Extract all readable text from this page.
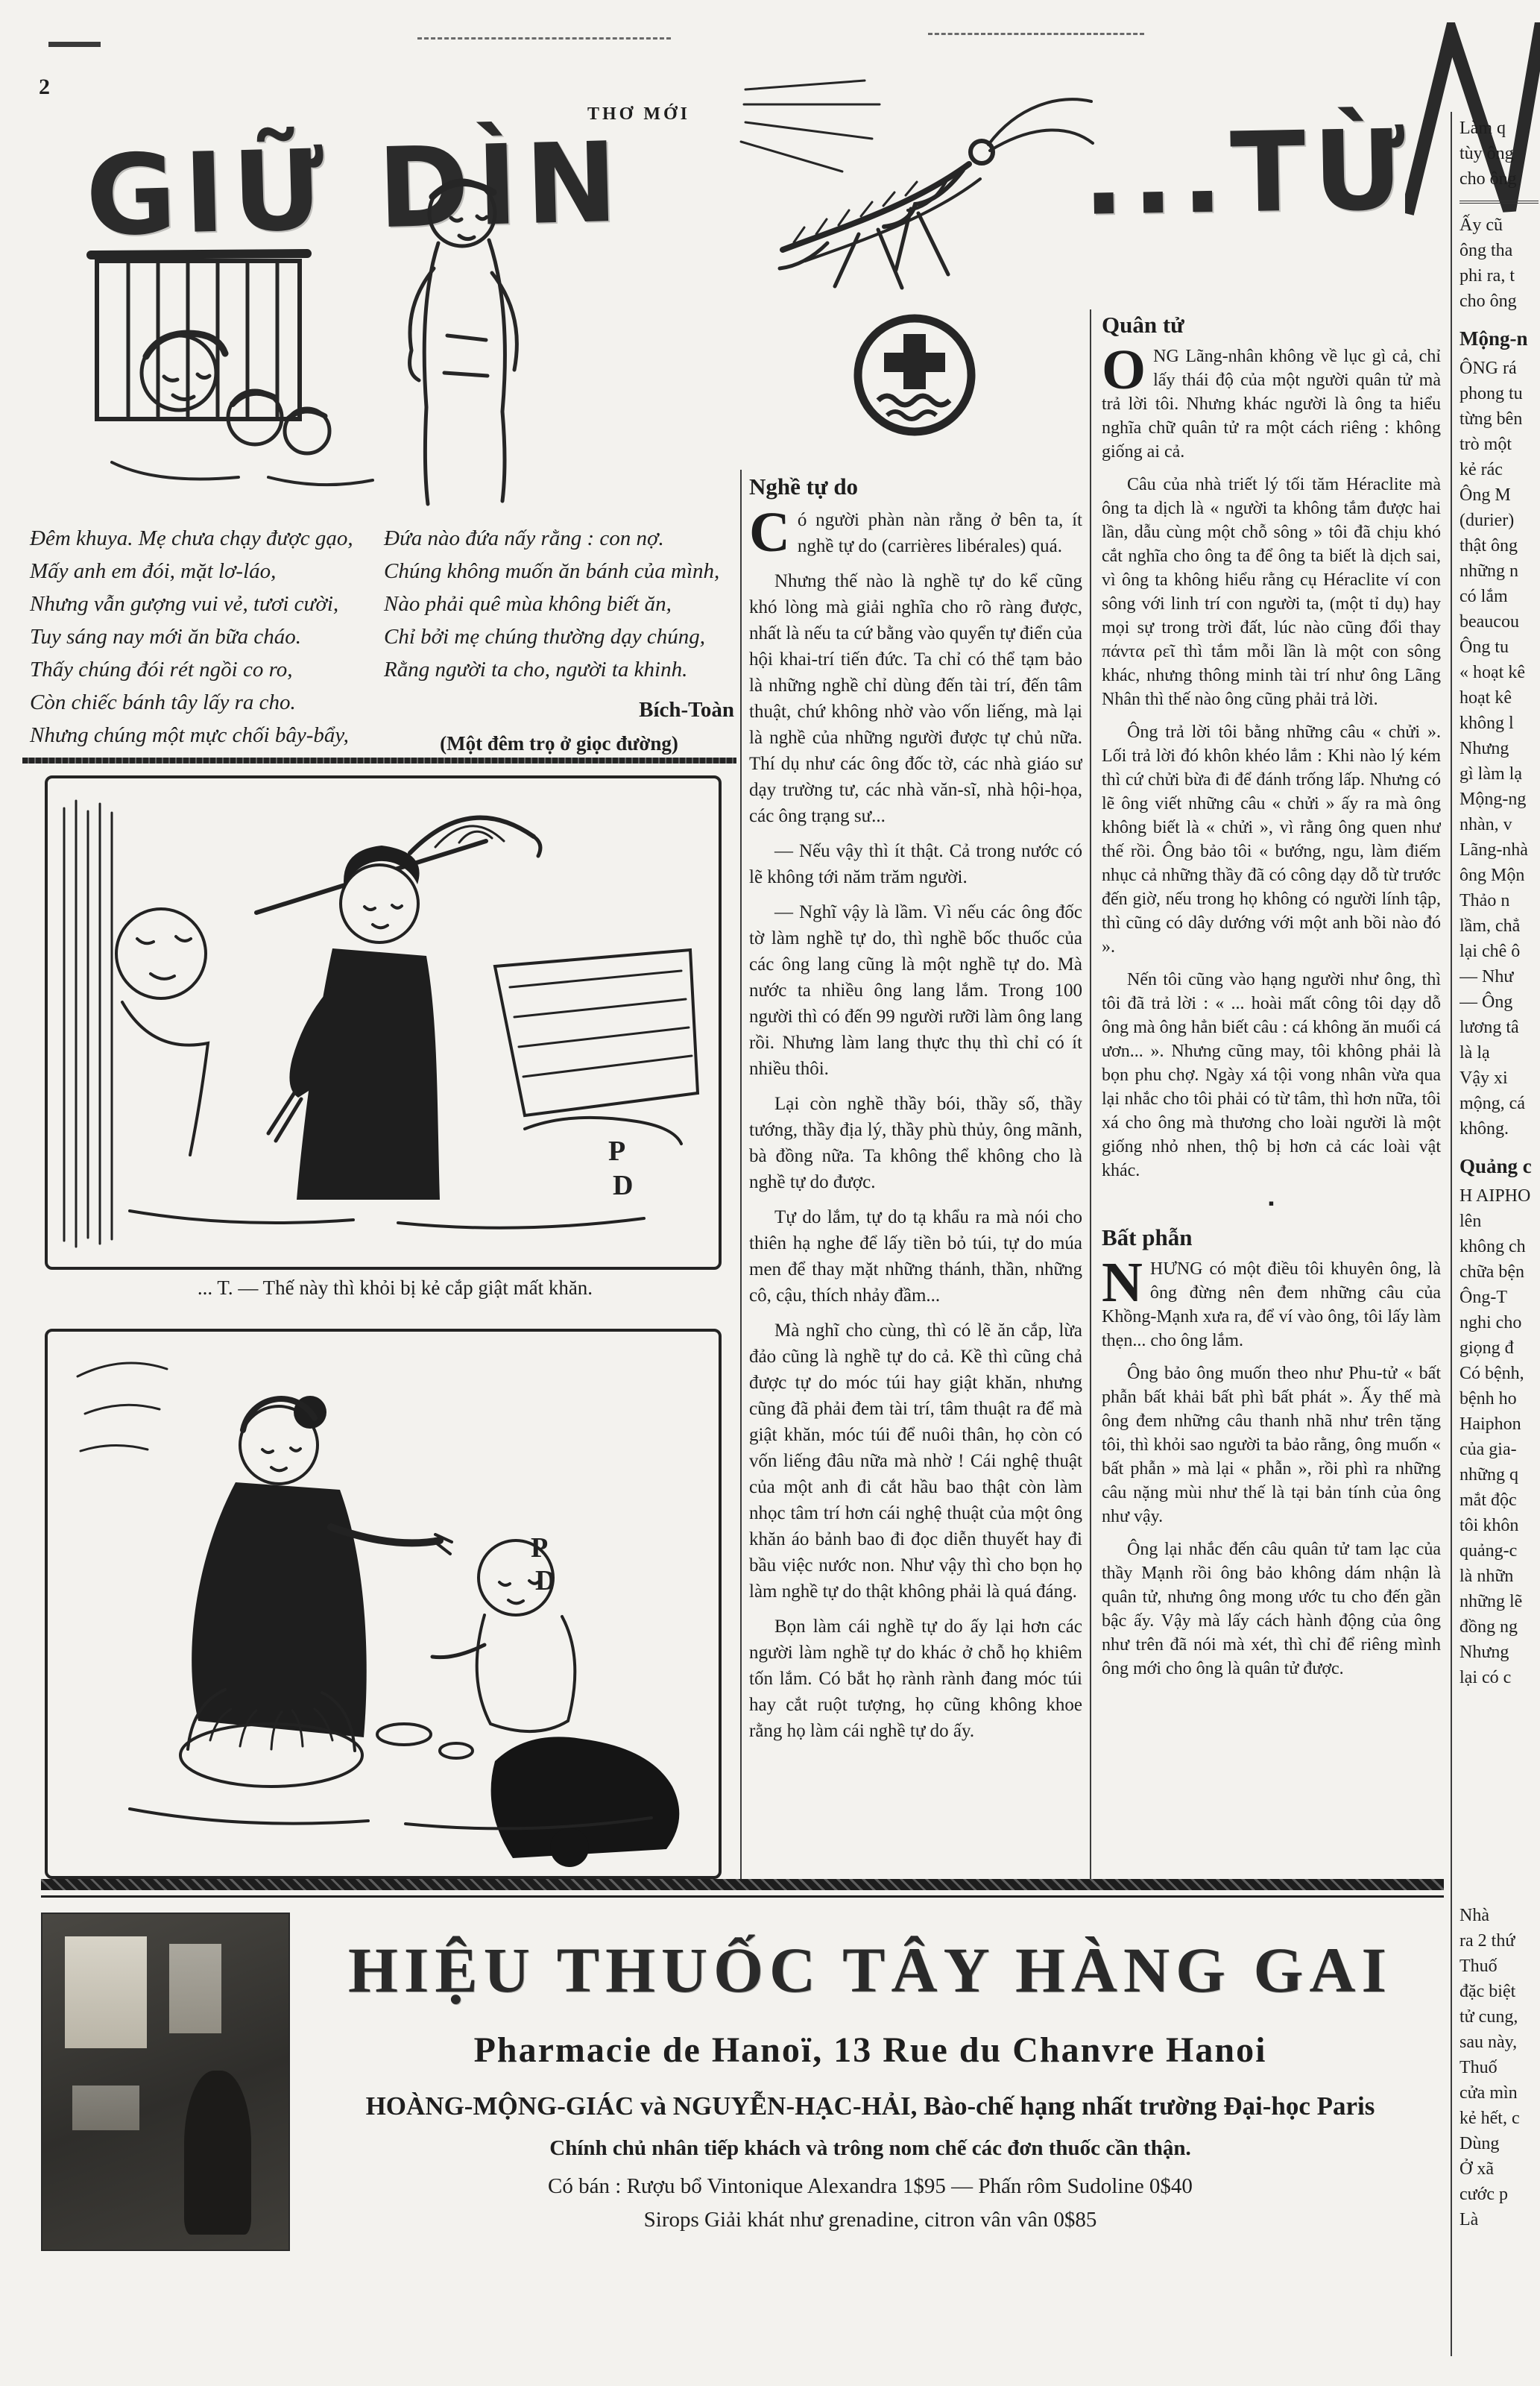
2
THƠ MỚI
GIỮ DÌN	...TỪ
Đêm khuya. Mẹ chưa chạy được gạo,
Mấy anh em đói, mặt lơ-láo,
Nhưng vẫn gượng vui vẻ, tươi cười,
Tuy sáng nay mới ăn bữa cháo.
Thấy chúng đói rét ngồi co ro,
Còn chiếc bánh tây lấy ra cho.
Nhưng chúng một mực chối bây-bẩy,
Đứa nào đứa nấy rằng : con nợ.
Chúng không muốn ăn bánh của mình,
Nào phải quê mùa không biết ăn,
Chỉ bởi mẹ chúng thường dạy chúng,
Rằng người ta cho, người ta khinh.
Bích-Toàn
(Một đêm trọ ở giọc đường)
P
D
... T. — Thế này thì khỏi bị kẻ cắp giật mất khăn.
P
D
Nghề tự do

Có người phàn nàn rằng ở bên ta, ít nghề tự do (carrières libérales) quá.

Nhưng thế nào là nghề tự do kể cũng khó lòng mà giải nghĩa cho rõ ràng được, nhất là nếu ta cứ bằng vào quyển tự điển của hội khai-trí tiến đức. Ta chỉ có thể tạm bảo là những nghề chỉ dùng đến tài trí, đến tâm thuật, chứ không nhờ vào vốn liếng, mà lại là nghề của những người được tự chủ nữa. Thí dụ như các ông đốc tờ, các nhà giáo sư dạy trường tư, các nhà văn-sĩ, nhà hội-họa, các ông trạng sư...

— Nếu vậy thì ít thật. Cả trong nước có lẽ không tới năm trăm người.

— Nghĩ vậy là lầm. Vì nếu các ông đốc tờ làm nghề tự do, thì nghề bốc thuốc của các ông lang cũng là một nghề tự do. Mà nước ta nhiều ông lang lắm. Trong 100 người thì có đến 99 người rưỡi làm ông lang rồi. Nhưng làm lang thực thụ thì chỉ có ít nhiều thôi.

Lại còn nghề thầy bói, thầy số, thầy tướng, thầy địa lý, thầy phù thủy, ông mãnh, bà đồng nữa. Ta không thể không cho là nghề tự do được.

Tự do lắm, tự do tạ khẩu ra mà nói cho thiên hạ nghe để lấy tiền bỏ túi, tự do múa men để thay mặt những thánh, thần, những cô, cậu, thích nhảy đầm...

Mà nghĩ cho cùng, thì có lẽ ăn cắp, lừa đảo cũng là nghề tự do cả. Kề thì cũng chả được tự do móc túi hay giật khăn, nhưng cũng đã phải đem tài trí, tâm thuật ra để mà giật khăn, móc túi để nuôi thân, họ còn có vốn liếng đâu nữa mà nhờ ! Cái nghệ thuật của một anh đi cắt hầu bao thật còn làm nhọc tâm trí hơn cái nghệ thuật của một ông khăn áo bảnh bao đi đọc diễn thuyết hay đi bầu việc nước non. Như vậy thì cho bọn họ làm nghề tự do thật không phải là quá đáng.

Bọn làm cái nghề tự do ấy lại hơn các người làm nghề tự do khác ở chỗ họ khiêm tốn lắm. Có bắt họ rành rành đang móc túi hay cắt ruột tượng, họ cũng không khoe rằng họ làm cái nghề tự do ấy.

Quân tử

ONG Lãng-nhân không về lục gì cả, chỉ lấy thái độ của một người quân tử mà trả lời tôi. Nhưng khác người là ông ta hiểu nghĩa chữ quân tử ra một cách riêng : không giống ai cả.

Câu của nhà triết lý tối tăm Héraclite mà ông ta dịch là « người ta không tắm được hai lần, dẫu cùng một chỗ sông » tôi đã chịu khó cắt nghĩa cho ông ta để ông ta biết là dịch sai, vì ông ta không hiểu rằng cụ Héraclite ví con sông với linh trí con người ta, (một tỉ dụ) hay mọi sự trong trời đất, lúc nào cũng đổi thay πάντα ρεῖ thì tắm mỗi lần là một con sông khác, nhưng thông minh tài trí như ông Lãng Nhân thì thế nào ông cũng phải trả lời.

Ông trả lời tôi bằng những câu « chửi ». Lối trả lời đó khôn khéo lắm : Khi nào lý kém thì cứ chửi bừa đi để đánh trống lấp. Nhưng có lẽ ông viết những câu « chửi » ấy ra mà ông không biết là « chửi », vì rằng ông quen như thế rồi. Ông bảo tôi « bướng, ngu, làm điếm nhục cả những thầy đã có công dạy dỗ từ trước đến giờ, nếu trong họ không có người lính tập, thì cũng có dây dướng với một anh bồi nào đó ».

Nến tôi cũng vào hạng người như ông, thì tôi đã trả lời : « ... hoài mất công tôi dạy dỗ ông mà ông hẳn biết câu : cá không ăn muối cá ươn... ». Nhưng cũng may, tôi không phải là bọn phu chợ. Ngày xá tội vong nhân vừa qua lại nhắc cho tôi phải có từ tâm, thì hơn nữa, tôi xá cho ông mà thương cho loài người là một giống nhỏ nhen, thộ bị hơn cả các loài vật khác.

▪
Bất phẫn

NHƯNG có một điều tôi khuyên ông, là ông đừng nên đem những câu của Khồng-Mạnh xưa ra, để ví vào ông, tôi lấy làm thẹn... cho ông lắm.

Ông bảo ông muốn theo như Phu-tử « bất phẫn bất khải bất phì bất phát ». Ấy thế mà ông đem những câu thanh nhã như trên tặng tôi, thì khỏi sao người ta bảo rằng, ông muốn « bất phẫn » mà lại « phẫn », rồi phì ra những câu nặng mùi như thế là tại bản tính của ông như vậy.

Ông lại nhắc đến câu quân tử tam lạc của thầy Mạnh rồi ông bảo không dám nhận là quân tử, nhưng ông mong ước tu cho đến gần bậc ấy. Vậy mà lấy cách hành động của ông như trên đã nói mà xét, thì chỉ để riêng mình ông mới cho ông là quân tử được.

Làm q
tùy ông
cho ông
Ấy cũ
ông tha
phi ra, t
cho ông
Mộng-n
ÔNG rá
phong tu
từng bên
trò một
kẻ rác
Ông M
(durier)
thật ông
những n
có lắm
beaucou
Ông tu
« hoạt kê
hoạt kê
không l
Nhưng
gì làm lạ
Mộng-ng
nhàn, v
Lãng-nhà
ông Mộn
Thảo n
lầm, chẳ
lại chê ô
— Như
— Ông
lương tâ
là lạ
Vậy xi
mộng, cá
không.
Quảng c
H AIPHO
lên
không ch
chữa bện
Ông-T
nghi cho
giọng đ
Có bệnh,
bệnh ho
Haiphon
của gia-
những q
mắt độc
tôi khôn
quảng-c
là nhữn
những lẽ
đồng ng
Nhưng
lại có c
Nhà
ra 2 thứ
Thuố
đặc biệt
tử cung,
sau này,
Thuố
cửa mìn
kẻ hết, c
Dùng
Ở xã
cước p
Là
HIỆU THUỐC TÂY HÀNG GAI
Pharmacie de Hanoï, 13 Rue du Chanvre Hanoi
HOÀNG-MỘNG-GIÁC và NGUYỄN-HẠC-HẢI, Bào-chế hạng nhất trường Đại-học Paris
Chính chủ nhân tiếp khách và trông nom chế các đơn thuốc cần thận.
Có bán : Rượu bổ Vintonique Alexandra 1$95 — Phấn rôm Sudoline 0$40
Sirops Giải khát như grenadine, citron vân vân 0$85
